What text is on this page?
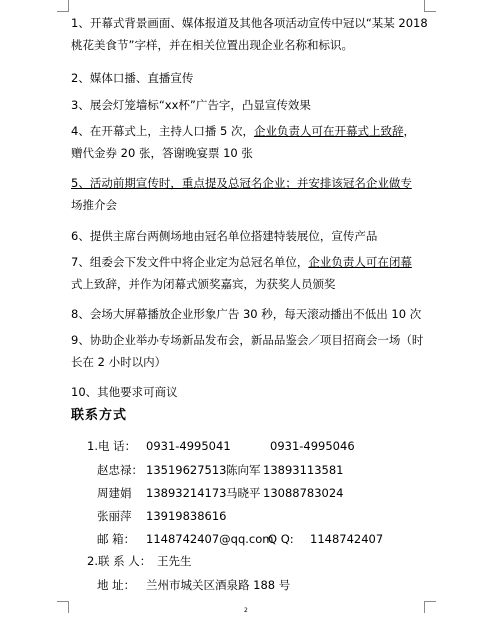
1、开幕式背景画面、媒体报道及其他各项活动宣传中冠以“某某 2018
桃花美食节”字样，并在相关位置出现企业名称和标识。
2、媒体口播、直播宣传
3、展会灯笼墙标“xx杯”广告字，凸显宣传效果
4、在开幕式上，主持人口播 5 次，企业负责人可在开幕式上致辞，
赠代金券 20 张，答谢晚宴票 10 张
5、活动前期宣传时，重点提及总冠名企业；并安排该冠名企业做专
场推介会
6、提供主席台两侧场地由冠名单位搭建特装展位，宣传产品
7、组委会下发文件中将企业定为总冠名单位，企业负责人可在闭幕
式上致辞，并作为闭幕式颁奖嘉宾，为获奖人员颁奖
8、会场大屏幕播放企业形象广告 30 秒，每天滚动播出不低出 10 次
9、协助企业举办专场新品发布会，新品品鉴会／项目招商会一场（时
长在 2 小时以内）
10、其他要求可商议
联系方式
1.电 话： 0931-4995041	0931-4995046
赵忠禄： 13519627513 陈向军 13893113581
周建娟 13893214173 马晓平 13088783024
张丽萍 13919838616
邮 箱： 1148742407@qq.com
Q Q: 1148742407
2.联 系 人： 王先生
地 址： 兰州市城关区酒泉路 188 号
2
